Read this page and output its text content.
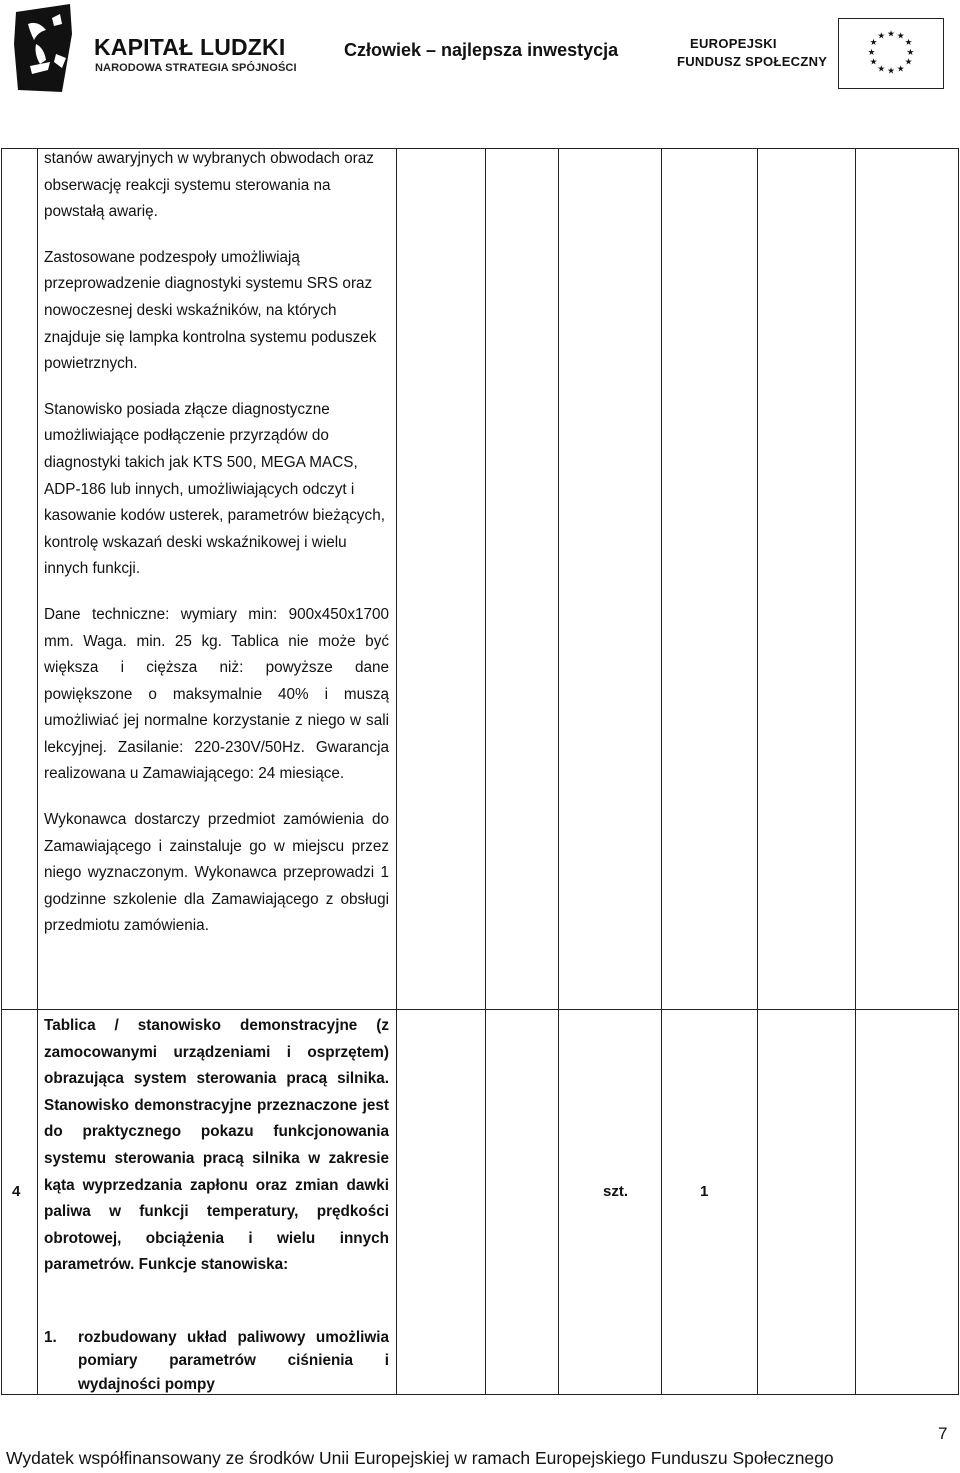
KAPITAŁ LUDZKI
NARODOWA STRATEGIA SPÓJNOŚCI
Człowiek – najlepsza inwestycja	EUROPEJSKI
FUNDUSZ SPOŁECZNY
★ ★
★
★
★
★
★
★
★
★
★
★

stanów awaryjnych w wybranych obwodach oraz obserwację reakcji systemu sterowania na powstałą awarię.

Zastosowane podzespoły umożliwiają przeprowadzenie diagnostyki systemu SRS oraz nowoczesnej deski wskaźników, na których znajduje się lampka kontrolna systemu poduszek powietrznych.

Stanowisko posiada złącze diagnostyczne umożliwiające podłączenie przyrządów do diagnostyki takich jak KTS 500, MEGA MACS, ADP-186 lub innych, umożliwiających odczyt i kasowanie kodów usterek, parametrów bieżących, kontrolę wskazań deski wskaźnikowej i wielu innych funkcji.

Dane techniczne: wymiary min: 900x450x1700 mm. Waga. min. 25 kg. Tablica nie może być większa i cięższa niż: powyższe dane powiększone o maksymalnie 40% i muszą umożliwiać jej normalne korzystanie z niego w sali lekcyjnej. Zasilanie: 220-230V/50Hz. Gwarancja realizowana u Zamawiającego: 24 miesiące.

Wykonawca dostarczy przedmiot zamówienia do Zamawiającego i zainstaluje go w miejscu przez niego wyznaczonym. Wykonawca przeprowadzi 1 godzinne szkolenie dla Zamawiającego z obsługi przedmiotu zamówienia.

4
Tablica / stanowisko demonstracyjne (z zamocowanymi urządzeniami i osprzętem) obrazująca system sterowania pracą silnika. Stanowisko demonstracyjne przeznaczone jest do praktycznego pokazu funkcjonowania systemu sterowania pracą silnika w zakresie kąta wyprzedzania zapłonu oraz zmian dawki paliwa w funkcji temperatury, prędkości obrotowej, obciążenia i wielu innych parametrów. Funkcje stanowiska:
1. rozbudowany układ paliwowy umożliwia pomiary parametrów ciśnienia i wydajności pompy
szt.	1
7
Wydatek współfinansowany ze środków Unii Europejskiej w ramach Europejskiego Funduszu Społecznego
